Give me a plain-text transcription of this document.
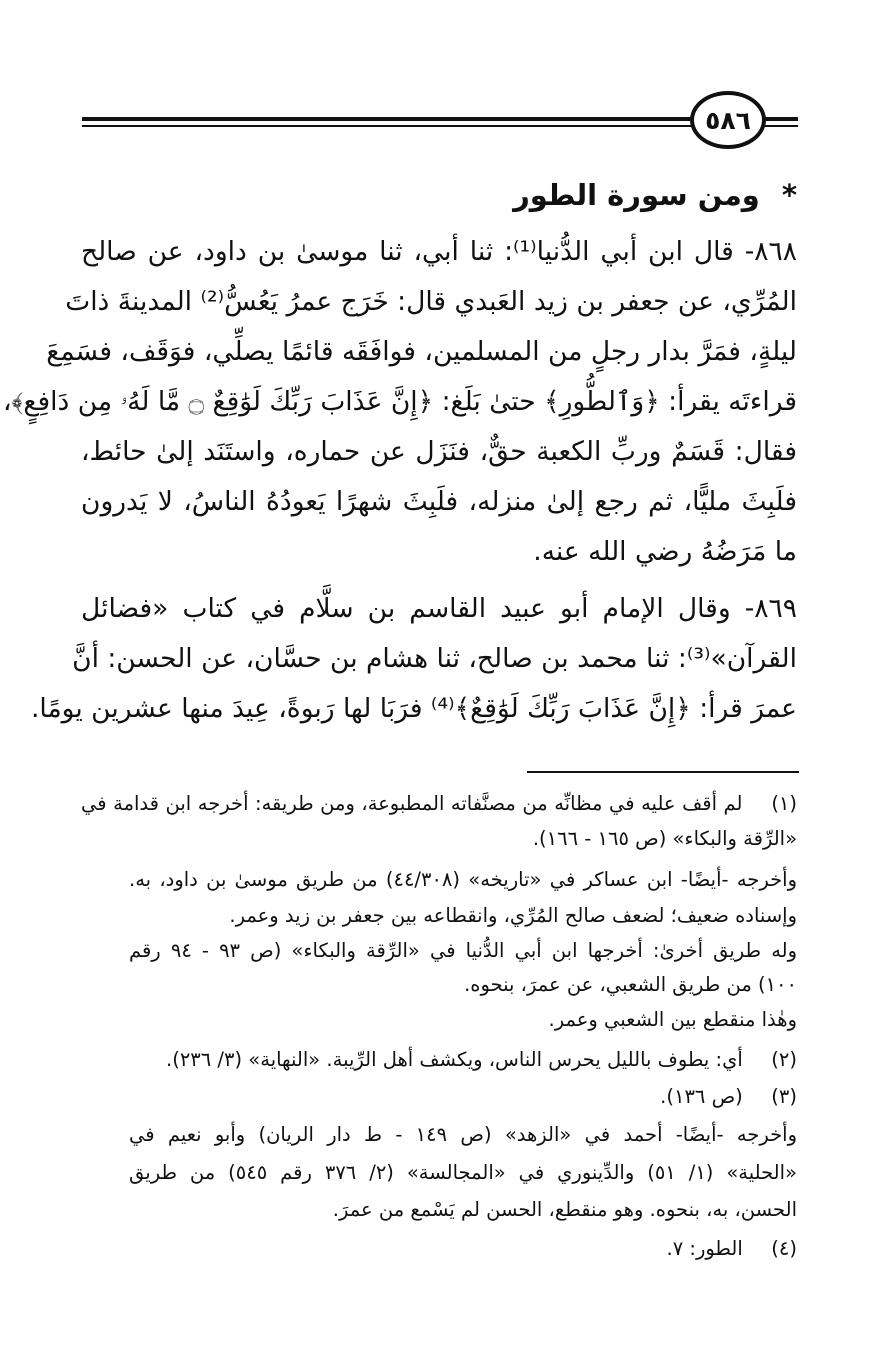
٥٨٦
*ومن سورة الطور
٨٦٨- قال ابن أبي الدُّنيا⁽¹⁾: ثنا أبي، ثنا موسىٰ بن داود، عن صالح
المُرِّي، عن جعفر بن زيد العَبدي قال: خَرَج عمرُ يَعُسُّ⁽²⁾ المدينةَ ذاتَ
ليلةٍ، فمَرَّ بدار رجلٍ من المسلمين، فوافَقَه قائمًا يصلِّي، فوَقَف، فسَمِعَ
قراءتَه يقرأ: ﴿وَٱلطُّورِ﴾ حتىٰ بَلَغ: ﴿إِنَّ عَذَابَ رَبِّكَ لَوَٰقِعٌ ۝ مَّا لَهُۥ مِن دَافِعٍ﴾،
فقال: قَسَمٌ وربِّ الكعبة حقٌّ، فنَزَل عن حماره، واستَنَد إلىٰ حائط،
فلَبِثَ مليًّا، ثم رجع إلىٰ منزله، فلَبِثَ شهرًا يَعودُهُ الناسُ، لا يَدرون
ما مَرَضُهُ رضي الله عنه.
٨٦٩- وقال الإمام أبو عبيد القاسم بن سلَّام في كتاب «فضائل
القرآن»⁽³⁾: ثنا محمد بن صالح، ثنا هشام بن حسَّان، عن الحسن: أنَّ
عمرَ قرأ: ﴿إِنَّ عَذَابَ رَبِّكَ لَوَٰقِعٌ﴾⁽⁴⁾ فرَبَا لها رَبوةً، عِيدَ منها عشرين يومًا.
(١) لم أقف عليه في مظانِّه من مصنَّفاته المطبوعة، ومن طريقه: أخرجه ابن قدامة في
«الرِّقة والبكاء» (ص ١٦٥ - ١٦٦).
وأخرجه -أيضًا- ابن عساكر في «تاريخه» (٤٤/٣٠٨) من طريق موسىٰ بن داود، به.
وإسناده ضعيف؛ لضعف صالح المُرِّي، وانقطاعه بين جعفر بن زيد وعمر.
وله طريق أخرىٰ: أخرجها ابن أبي الدُّنيا في «الرِّقة والبكاء» (ص ٩٣ - ٩٤ رقم
١٠٠) من طريق الشعبي، عن عمرَ، بنحوه.
وهٰذا منقطع بين الشعبي وعمر.
(٢) أي: يطوف بالليل يحرس الناس، ويكشف أهل الرِّيبة. «النهاية» (٣/ ٢٣٦).
(٣) (ص ١٣٦).
وأخرجه -أيضًا- أحمد في «الزهد» (ص ١٤٩ - ط دار الريان) وأبو نعيم في
«الحلية» (١/ ٥١) والدِّينوري في «المجالسة» (٢/ ٣٧٦ رقم ٥٤٥) من طريق
الحسن، به، بنحوه. وهو منقطع، الحسن لم يَسْمع من عمرَ.
(٤) الطور: ٧.
